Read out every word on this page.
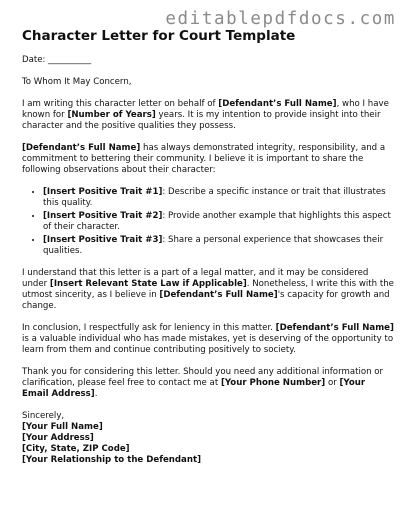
editablepdfdocs.com
Character Letter for Court Template

Date: __________

To Whom It May Concern,

I am writing this character letter on behalf of [Defendant’s Full Name], who I have known for [Number of Years] years. It is my intention to provide insight into their character and the positive qualities they possess.

[Defendant’s Full Name] has always demonstrated integrity, responsibility, and a commitment to bettering their community. I believe it is important to share the following observations about their character:

• [Insert Positive Trait #1]: Describe a specific instance or trait that illustrates this quality.
• [Insert Positive Trait #2]: Provide another example that highlights this aspect of their character.
• [Insert Positive Trait #3]: Share a personal experience that showcases their qualities.

I understand that this letter is a part of a legal matter, and it may be considered under [Insert Relevant State Law if Applicable]. Nonetheless, I write this with the utmost sincerity, as I believe in [Defendant’s Full Name]'s capacity for growth and change.

In conclusion, I respectfully ask for leniency in this matter. [Defendant’s Full Name] is a valuable individual who has made mistakes, yet is deserving of the opportunity to learn from them and continue contributing positively to society.

Thank you for considering this letter. Should you need any additional information or clarification, please feel free to contact me at [Your Phone Number] or [Your Email Address].

Sincerely,
[Your Full Name]
[Your Address]
[City, State, ZIP Code]
[Your Relationship to the Defendant]
